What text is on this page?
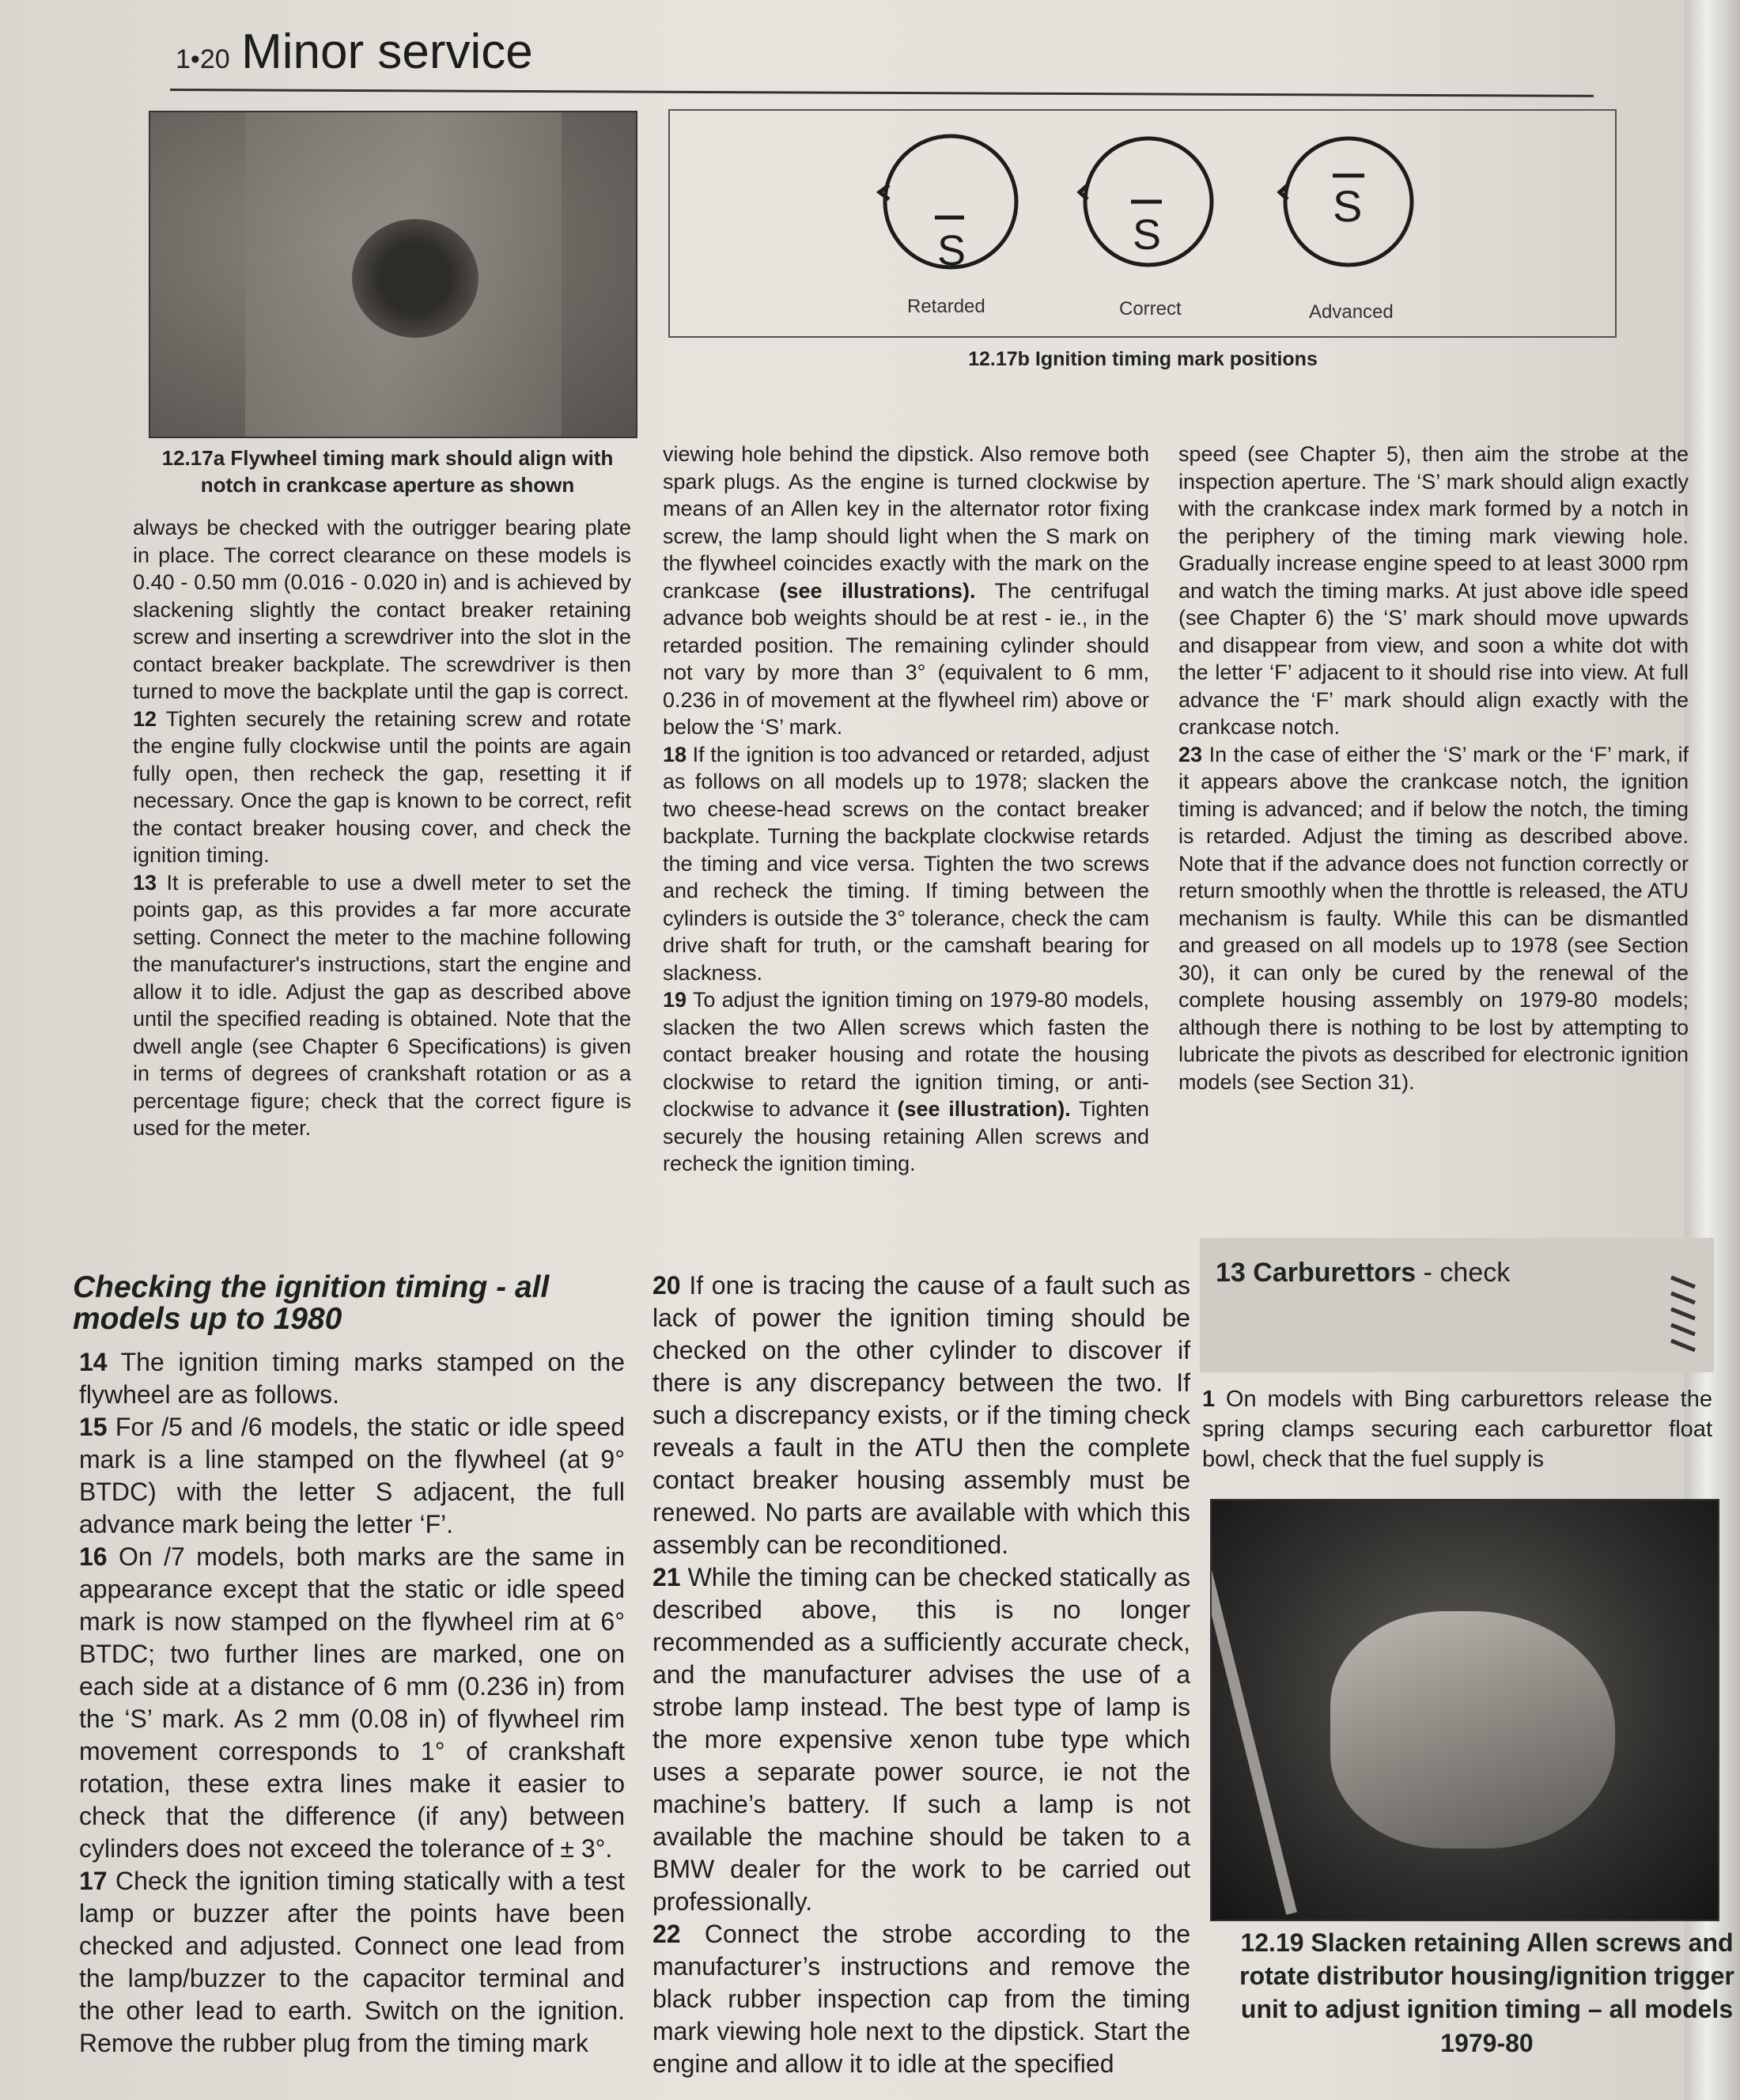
1•20 Minor service
12.17a Flywheel timing mark should align with notch in crankcase aperture as shown
S	S
S
Retarded	Correct	Advanced
12.17b Ignition timing mark positions

always be checked with the outrigger bearing plate in place. The correct clearance on these models is 0.40 - 0.50 mm (0.016 - 0.020 in) and is achieved by slackening slightly the contact breaker retaining screw and inserting a screwdriver into the slot in the contact breaker backplate. The screwdriver is then turned to move the backplate until the gap is correct.

12 Tighten securely the retaining screw and rotate the engine fully clockwise until the points are again fully open, then recheck the gap, resetting it if necessary. Once the gap is known to be correct, refit the contact breaker housing cover, and check the ignition timing.

13 It is preferable to use a dwell meter to set the points gap, as this provides a far more accurate setting. Connect the meter to the machine following the manufacturer's instructions, start the engine and allow it to idle. Adjust the gap as described above until the specified reading is obtained. Note that the dwell angle (see Chapter 6 Specifications) is given in terms of degrees of crankshaft rotation or as a percentage figure; check that the correct figure is used for the meter.

Checking the ignition timing - all models up to 1980

14 The ignition timing marks stamped on the flywheel are as follows.

15 For /5 and /6 models, the static or idle speed mark is a line stamped on the flywheel (at 9° BTDC) with the letter S adjacent, the full advance mark being the letter ‘F’.

16 On /7 models, both marks are the same in appearance except that the static or idle speed mark is now stamped on the flywheel rim at 6° BTDC; two further lines are marked, one on each side at a distance of 6 mm (0.236 in) from the ‘S’ mark. As 2 mm (0.08 in) of flywheel rim movement corresponds to 1° of crankshaft rotation, these extra lines make it easier to check that the difference (if any) between cylinders does not exceed the tolerance of ± 3°.

17 Check the ignition timing statically with a test lamp or buzzer after the points have been checked and adjusted. Connect one lead from the lamp/buzzer to the capacitor terminal and the other lead to earth. Switch on the ignition. Remove the rubber plug from the timing mark

viewing hole behind the dipstick. Also remove both spark plugs. As the engine is turned clockwise by means of an Allen key in the alternator rotor fixing screw, the lamp should light when the S mark on the flywheel coincides exactly with the mark on the crankcase (see illustrations). The centrifugal advance bob weights should be at rest - ie., in the retarded position. The remaining cylinder should not vary by more than 3° (equivalent to 6 mm, 0.236 in of movement at the flywheel rim) above or below the ‘S’ mark.

18 If the ignition is too advanced or retarded, adjust as follows on all models up to 1978; slacken the two cheese-head screws on the contact breaker backplate. Turning the backplate clockwise retards the timing and vice versa. Tighten the two screws and recheck the timing. If timing between the cylinders is outside the 3° tolerance, check the cam drive shaft for truth, or the camshaft bearing for slackness.

19 To adjust the ignition timing on 1979-80 models, slacken the two Allen screws which fasten the contact breaker housing and rotate the housing clockwise to retard the ignition timing, or anti-clockwise to advance it (see illustration). Tighten securely the housing retaining Allen screws and recheck the ignition timing.

20 If one is tracing the cause of a fault such as lack of power the ignition timing should be checked on the other cylinder to discover if there is any discrepancy between the two. If such a discrepancy exists, or if the timing check reveals a fault in the ATU then the complete contact breaker housing assembly must be renewed. No parts are available with which this assembly can be reconditioned.

21 While the timing can be checked statically as described above, this is no longer recommended as a sufficiently accurate check, and the manufacturer advises the use of a strobe lamp instead. The best type of lamp is the more expensive xenon tube type which uses a separate power source, ie not the machine’s battery. If such a lamp is not available the machine should be taken to a BMW dealer for the work to be carried out professionally.

22 Connect the strobe according to the manufacturer’s instructions and remove the black rubber inspection cap from the timing mark viewing hole next to the dipstick. Start the engine and allow it to idle at the specified

speed (see Chapter 5), then aim the strobe at the inspection aperture. The ‘S’ mark should align exactly with the crankcase index mark formed by a notch in the periphery of the timing mark viewing hole. Gradually increase engine speed to at least 3000 rpm and watch the timing marks. At just above idle speed (see Chapter 6) the ‘S’ mark should move upwards and disappear from view, and soon a white dot with the letter ‘F’ adjacent to it should rise into view. At full advance the ‘F’ mark should align exactly with the crankcase notch.

23 In the case of either the ‘S’ mark or the ‘F’ mark, if it appears above the crankcase notch, the ignition timing is advanced; and if below the notch, the timing is retarded. Adjust the timing as described above. Note that if the advance does not function correctly or return smoothly when the throttle is released, the ATU mechanism is faulty. While this can be dismantled and greased on all models up to 1978 (see Section 30), it can only be cured by the renewal of the complete housing assembly on 1979-80 models; although there is nothing to be lost by attempting to lubricate the pivots as described for electronic ignition models (see Section 31).

13 Carburettors - check

1 On models with Bing carburettors release the spring clamps securing each carburettor float bowl, check that the fuel supply is

12.19 Slacken retaining Allen screws and rotate distributor housing/ignition trigger unit to adjust ignition timing – all models 1979-80
